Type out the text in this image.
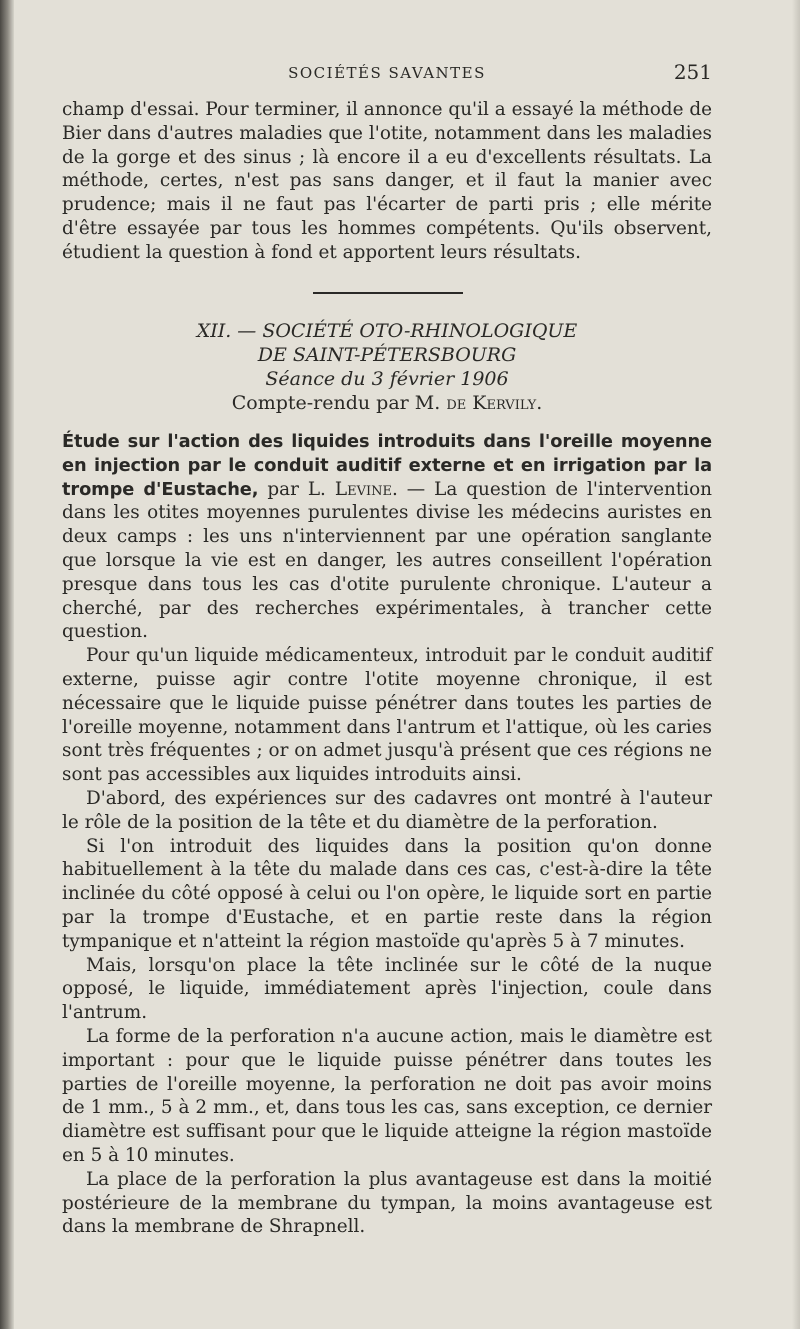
SOCIÉTÉS SAVANTES	251

champ d'essai. Pour terminer, il annonce qu'il a essayé la méthode de Bier dans d'autres maladies que l'otite, notamment dans les maladies de la gorge et des sinus ; là encore il a eu d'excellents résultats. La méthode, certes, n'est pas sans danger, et il faut la manier avec prudence; mais il ne faut pas l'écarter de parti pris ; elle mérite d'être essayée par tous les hommes compétents. Qu'ils observent, étudient la question à fond et apportent leurs résultats.

XII. — SOCIÉTÉ OTO-RHINOLOGIQUE
DE SAINT-PÉTERSBOURG
Séance du 3 février 1906
Compte-rendu par M. de Kervily.

Étude sur l'action des liquides introduits dans l'oreille moyenne en injection par le conduit auditif externe et en irrigation par la trompe d'Eustache, par L. Levine. — La question de l'intervention dans les otites moyennes purulentes divise les médecins auristes en deux camps : les uns n'interviennent par une opération sanglante que lorsque la vie est en danger, les autres conseillent l'opération presque dans tous les cas d'otite purulente chronique. L'auteur a cherché, par des recherches expérimentales, à trancher cette question.

Pour qu'un liquide médicamenteux, introduit par le conduit auditif externe, puisse agir contre l'otite moyenne chronique, il est nécessaire que le liquide puisse pénétrer dans toutes les parties de l'oreille moyenne, notamment dans l'antrum et l'attique, où les caries sont très fréquentes ; or on admet jusqu'à présent que ces régions ne sont pas accessibles aux liquides introduits ainsi.

D'abord, des expériences sur des cadavres ont montré à l'auteur le rôle de la position de la tête et du diamètre de la perforation.

Si l'on introduit des liquides dans la position qu'on donne habituellement à la tête du malade dans ces cas, c'est-à-dire la tête inclinée du côté opposé à celui ou l'on opère, le liquide sort en partie par la trompe d'Eustache, et en partie reste dans la région tympanique et n'atteint la région mastoïde qu'après 5 à 7 minutes.

Mais, lorsqu'on place la tête inclinée sur le côté de la nuque opposé, le liquide, immédiatement après l'injection, coule dans l'antrum.

La forme de la perforation n'a aucune action, mais le diamètre est important : pour que le liquide puisse pénétrer dans toutes les parties de l'oreille moyenne, la perforation ne doit pas avoir moins de 1 mm., 5 à 2 mm., et, dans tous les cas, sans exception, ce dernier diamètre est suffisant pour que le liquide atteigne la région mastoïde en 5 à 10 minutes.

La place de la perforation la plus avantageuse est dans la moitié postérieure de la membrane du tympan, la moins avantageuse est dans la membrane de Shrapnell.
